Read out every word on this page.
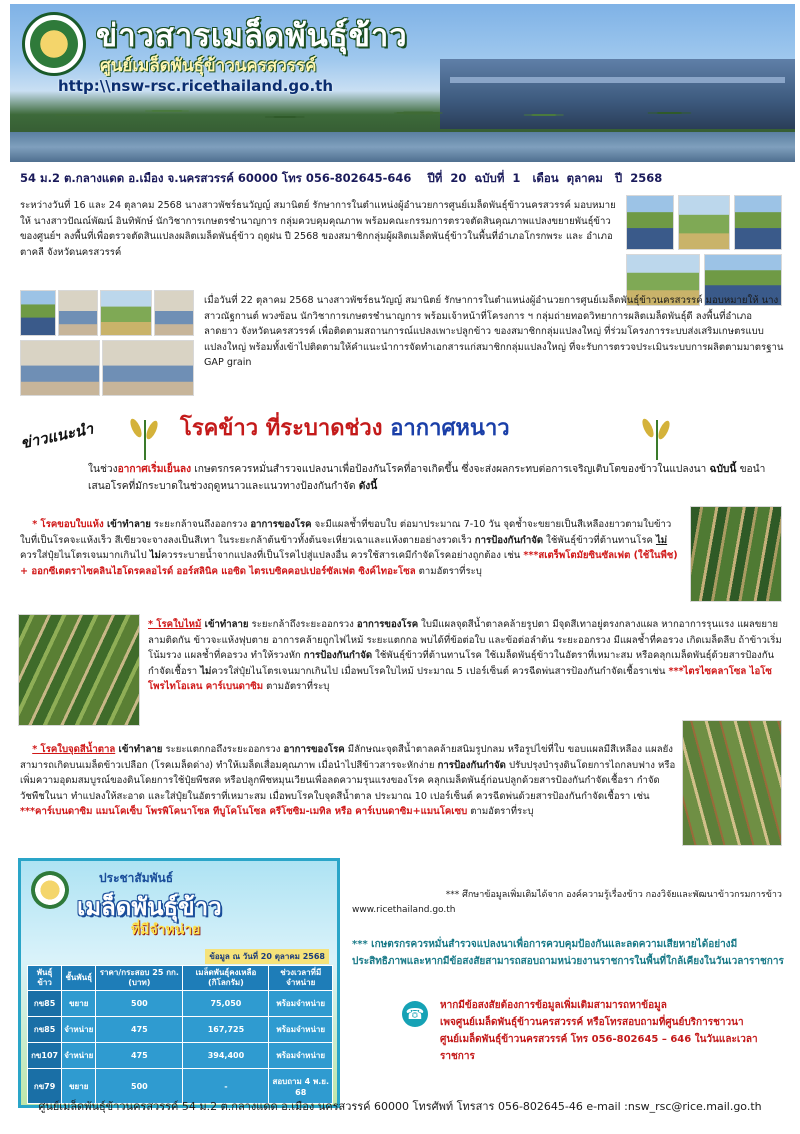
ข่าวสารเมล็ดพันธุ์ข้าว
ศูนย์เมล็ดพันธุ์ข้าวนครสวรรค์
http:\\nsw-rsc.ricethailand.go.th
54 ม.2 ต.กลางแดด อ.เมือง จ.นครสวรรค์ 60000 โทร 056-802645-646 ปีที่ 20 ฉบับที่ 1 เดือน ตุลาคม ปี 2568
ระหว่างวันที่ 16 และ 24 ตุลาคม 2568 นางสาวพัชร์ธนวัญญ์ สมานิตย์ รักษาการในตำแหน่งผู้อำนวยการศูนย์เมล็ดพันธุ์ข้าวนครสวรรค์ มอบหมายให้ นางสาวปัณณ์พัฒน์ อินทิพักษ์ นักวิชาการเกษตรชำนาญการ กลุ่มควบคุมคุณภาพ พร้อมคณะกรรมการตรวจตัดสินคุณภาพแปลงขยายพันธุ์ข้าวของศูนย์ฯ ลงพื้นที่เพื่อตรวจตัดสินแปลงผลิตเมล็ดพันธุ์ข้าว ฤดูฝน ปี 2568 ของสมาชิกกลุ่มผู้ผลิตเมล็ดพันธุ์ข้าวในพื้นที่อำเภอโกรกพระ และ อำเภอตาคลี จังหวัดนครสวรรค์
เมื่อวันที่ 22 ตุลาคม 2568 นางสาวพัชร์ธนวัญญ์ สมานิตย์ รักษาการในตำแหน่งผู้อำนวยการศูนย์เมล็ดพันธุ์ข้าวนครสวรรค์ มอบหมายให้ นางสาวณัฐกานต์ พวงซ้อน นักวิชาการเกษตรชำนาญการ พร้อมเจ้าหน้าที่โครงการ ฯ กลุ่มถ่ายทอดวิทยาการผลิตเมล็ดพันธุ์ดี ลงพื้นที่อำเภอลาดยาว จังหวัดนครสวรรค์ เพื่อติดตามสถานการณ์แปลงเพาะปลูกข้าว ของสมาชิกกลุ่มแปลงใหญ่ ที่ร่วมโครงการระบบส่งเสริมเกษตรแบบแปลงใหญ่ พร้อมทั้งเข้าไปติดตามให้คำแนะนำการจัดทำเอกสารแก่สมาชิกกลุ่มแปลงใหญ่ ที่จะรับการตรวจประเมินระบบการผลิตตามมาตรฐาน GAP grain
ข่าวแนะนำ	โรคข้าว ที่ระบาดช่วง อากาศหนาว
ในช่วงอากาศเริ่มเย็นลง เกษตรกรควรหมั่นสำรวจแปลงนาเพื่อป้องกันโรคที่อาจเกิดขึ้น ซึ่งจะส่งผลกระทบต่อการเจริญเติบโตของข้าวในแปลงนา ฉบับนี้ ขอนำเสนอโรคที่มักระบาดในช่วงฤดูหนาวและแนวทางป้องกันกำจัด ดังนี้
* โรคขอบใบแห้ง เข้าทำลาย ระยะกล้าจนถึงออกรวง อาการของโรค จะมีแผลช้ำที่ขอบใบ ต่อมาประมาณ 7-10 วัน จุดช้ำจะขยายเป็นสีเหลืองยาวตามใบข้าว ใบที่เป็นโรคจะแห้งเร็ว สีเขียวจะจางลงเป็นสีเทา ในระยะกล้าต้นข้าวทั้งต้นจะเหี่ยวเฉาและแห้งตายอย่างรวดเร็ว การป้องกันกำจัด ใช้พันธุ์ข้าวที่ต้านทานโรค ไม่ควรใส่ปุ๋ยไนโตรเจนมากเกินไป ไม่ควรระบายน้ำจากแปลงที่เป็นโรคไปสู่แปลงอื่น ควรใช้สารเคมีกำจัดโรคอย่างถูกต้อง เช่น ***สเตร็พโตมัยซินซัลเฟต (ใช้ในพืช) + ออกซีเตตราไซคลินไฮโดรคลอไรด์ ออร์สลินิค แอซิด ไตรเบซิคคอปเปอร์ซัลเฟต ซิงค์ไทอะโซล ตามอัตราที่ระบุ
* โรคใบไหม้ เข้าทำลาย ระยะกล้าถึงระยะออกรวง อาการของโรค ใบมีแผลจุดสีน้ำตาลคล้ายรูปตา มีจุดสีเทาอยู่ตรงกลางแผล หากอาการรุนแรง แผลขยายลามติดกัน ข้าวจะแห้งฟุบตาย อาการคล้ายถูกไฟไหม้ ระยะแตกกอ พบได้ที่ข้อต่อใบ และข้อต่อลำต้น ระยะออกรวง มีแผลช้ำที่คอรวง เกิดเมล็ดลีบ ถ้าข้าวเริ่มโน้มรวง แผลช้ำที่คอรวง ทำให้รวงหัก การป้องกันกำจัด ใช้พันธุ์ข้าวที่ต้านทานโรค ใช้เมล็ดพันธุ์ข้าวในอัตราที่เหมาะสม หรือคลุกเมล็ดพันธุ์ด้วยสารป้องกันกำจัดเชื้อรา ไม่ควรใส่ปุ๋ยไนโตรเจนมากเกินไป เมื่อพบโรคใบไหม้ ประมาณ 5 เปอร์เซ็นต์ ควรฉีดพ่นสารป้องกันกำจัดเชื้อราเช่น ***ไตรไซคลาโซล ไอโซโพรไทโอเลน คาร์เบนดาซิม ตามอัตราที่ระบุ
* โรคใบจุดสีน้ำตาล เข้าทำลาย ระยะแตกกอถึงระยะออกรวง อาการของโรค มีลักษณะจุดสีน้ำตาลคล้ายสนิมรูปกลม หรือรูปไข่ที่ใบ ขอบแผลมีสีเหลือง แผลยังสามารถเกิดบนเมล็ดข้าวเปลือก (โรคเมล็ดด่าง) ทำให้เมล็ดเสื่อมคุณภาพ เมื่อนำไปสีข้าวสารจะหักง่าย การป้องกันกำจัด ปรับปรุงบำรุงดินโดยการไถกลบฟาง หรือเพิ่มความอุดมสมบูรณ์ของดินโดยการใช้ปุ๋ยพืชสด หรือปลูกพืชหมุนเวียนเพื่อลดความรุนแรงของโรค คลุกเมล็ดพันธุ์ก่อนปลูกด้วยสารป้องกันกำจัดเชื้อรา กำจัดวัชพืชในนา ทำแปลงให้สะอาด และใส่ปุ๋ยในอัตราที่เหมาะสม เมื่อพบโรคใบจุดสีน้ำตาล ประมาณ 10 เปอร์เซ็นต์ ควรฉีดพ่นด้วยสารป้องกันกำจัดเชื้อรา เช่น ***คาร์เบนดาซิม แมนโคเซ็บ โพรพิโคนาโซล ทีบูโคโนโซล ครีโซซิม-เมทิล หรือ คาร์เบนดาซิม+แมนโคเซบ ตามอัตราที่ระบุ
ประชาสัมพันธ์
เมล็ดพันธุ์ข้าว
ที่มีจำหน่าย
ข้อมูล ณ วันที่ 20 ตุลาคม 2568
พันธุ์ข้าว	ชั้นพันธุ์	ราคา/กระสอบ 25 กก. (บาท)	เมล็ดพันธุ์คงเหลือ (กิโลกรัม)	ช่วงเวลาที่มีจำหน่าย
กข85	ขยาย	500	75,050	พร้อมจำหน่าย
กข85	จำหน่าย	475	167,725	พร้อมจำหน่าย
กข107	จำหน่าย	475	394,400	พร้อมจำหน่าย
กข79	ขยาย	500	-	สอบถาม 4 พ.ย. 68
*** ศึกษาข้อมูลเพิ่มเติมได้จาก องค์ความรู้เรื่องข้าว กองวิจัยและพัฒนาข้าวกรมการข้าว
www.ricethailand.go.th
*** เกษตรกรควรหมั่นสำรวจแปลงนาเพื่อการควบคุมป้องกันและลดความเสียหายได้อย่างมีประสิทธิภาพและหากมีข้อสงสัยสามารถสอบถามหน่วยงานราชการในพื้นที่ใกล้เคียงในวันเวลาราชการ
☎	หากมีข้อสงสัยต้องการข้อมูลเพิ่มเติมสามารถหาข้อมูล
เพจศูนย์เมล็ดพันธุ์ข้าวนครสวรรค์ หรือโทรสอบถามที่ศูนย์บริการชาวนา
ศูนย์เมล็ดพันธุ์ข้าวนครสวรรค์ โทร 056-802645 – 646 ในวันและเวลาราชการ
ศูนย์เมล็ดพันธุ์ข้าวนครสวรรค์ 54 ม.2 ต.กลางแดด อ.เมือง นครสวรรค์ 60000 โทรศัพท์ โทรสาร 056-802645-46 e-mail :nsw_rsc@rice.mail.go.th
